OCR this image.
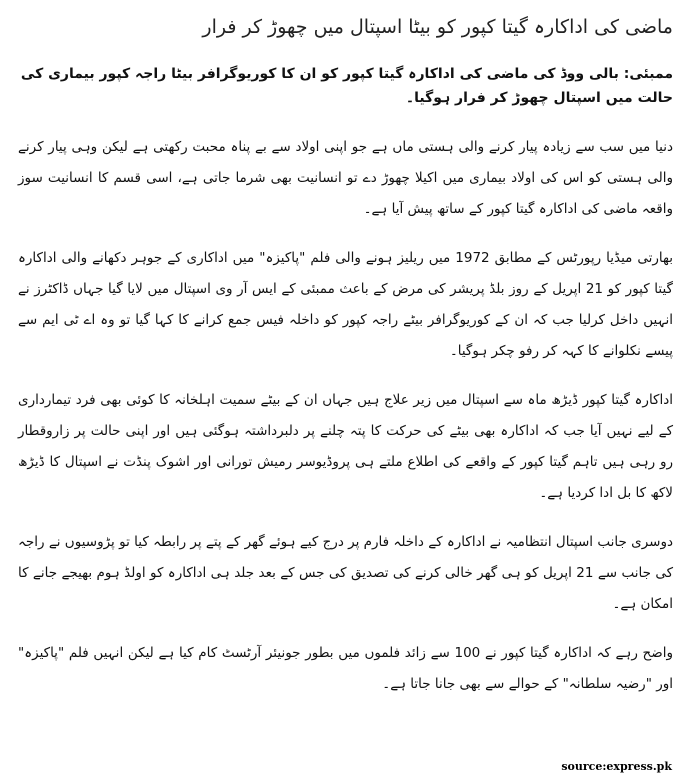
ماضی کی اداکارہ گیتا کپور کو بیٹا اسپتال میں چھوڑ کر فرار

ممبئی: بالی ووڈ کی ماضی کی اداکارہ گیتا کپور کو ان کا کوریوگرافر بیٹا راجہ کپور بیماری کی حالت میں اسپتال چھوڑ کر فرار ہوگیا۔

دنیا میں سب سے زیادہ پیار کرنے والی ہستی ماں ہے جو اپنی اولاد سے بے پناہ محبت رکھتی ہے لیکن وہی پیار کرنے والی ہستی کو اس کی اولاد بیماری میں اکیلا چھوڑ دے تو انسانیت بھی شرما جاتی ہے، اسی قسم کا انسانیت سوز واقعہ ماضی کی اداکارہ گیتا کپور کے ساتھ پیش آیا ہے۔

بھارتی میڈیا رپورٹس کے مطابق 1972 میں ریلیز ہونے والی فلم "پاکیزہ" میں اداکاری کے جوہر دکھانے والی اداکارہ گیتا کپور کو 21 اپریل کے روز بلڈ پریشر کی مرض کے باعث ممبئی کے ایس آر وی اسپتال میں لایا گیا جہاں ڈاکٹرز نے انہیں داخل کرلیا جب کہ ان کے کوریوگرافر بیٹے راجہ کپور کو داخلہ فیس جمع کرانے کا کہا گیا تو وہ اے ٹی ایم سے پیسے نکلوانے کا کہہ کر رفو چکر ہوگیا۔

اداکارہ گیتا کپور ڈیڑھ ماہ سے اسپتال میں زیر علاج ہیں جہاں ان کے بیٹے سمیت اہلخانہ کا کوئی بھی فرد تیمارداری کے لیے نہیں آیا جب کہ اداکارہ بھی بیٹے کی حرکت کا پتہ چلنے پر دلبرداشتہ ہوگئی ہیں اور اپنی حالت پر زاروقطار رو رہی ہیں تاہم گیتا کپور کے واقعے کی اطلاع ملتے ہی پروڈیوسر رمیش تورانی اور اشوک پنڈت نے اسپتال کا ڈیڑھ لاکھ کا بل ادا کردیا ہے۔

دوسری جانب اسپتال انتظامیہ نے اداکارہ کے داخلہ فارم پر درج کیے ہوئے گھر کے پتے پر رابطہ کیا تو پڑوسیوں نے راجہ کی جانب سے 21 اپریل کو ہی گھر خالی کرنے کی تصدیق کی جس کے بعد جلد ہی اداکارہ کو اولڈ ہوم بھیجے جانے کا امکان ہے۔

واضح رہے کہ اداکارہ گیتا کپور نے 100 سے زائد فلموں میں بطور جونیئر آرٹسٹ کام کیا ہے لیکن انہیں فلم "پاکیزہ" اور "رضیہ سلطانہ" کے حوالے سے بھی جانا جاتا ہے۔

source:express.pk
